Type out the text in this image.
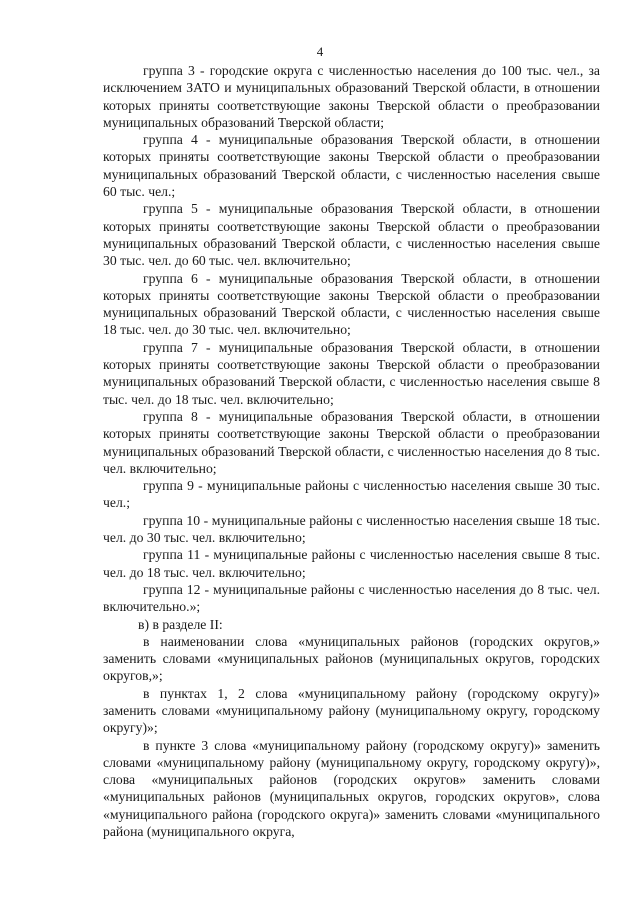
4

группа 3 - городские округа с численностью населения до 100 тыс. чел., за исключением ЗАТО и муниципальных образований Тверской области, в отношении которых приняты соответствующие законы Тверской области о преобразовании муниципальных образований Тверской области;

группа 4 - муниципальные образования Тверской области, в отношении которых приняты соответствующие законы Тверской области о преобразовании муниципальных образований Тверской области, с численностью населения свыше 60 тыс. чел.;

группа 5 - муниципальные образования Тверской области, в отношении которых приняты соответствующие законы Тверской области о преобразовании муниципальных образований Тверской области, с численностью населения свыше 30 тыс. чел. до 60 тыс. чел. включительно;

группа 6 - муниципальные образования Тверской области, в отношении которых приняты соответствующие законы Тверской области о преобразовании муниципальных образований Тверской области, с численностью населения свыше 18 тыс. чел. до 30 тыс. чел. включительно;

группа 7 - муниципальные образования Тверской области, в отношении которых приняты соответствующие законы Тверской области о преобразовании муниципальных образований Тверской области, с численностью населения свыше 8 тыс. чел. до 18 тыс. чел. включительно;

группа 8 - муниципальные образования Тверской области, в отношении которых приняты соответствующие законы Тверской области о преобразовании муниципальных образований Тверской области, с численностью населения до 8 тыс. чел. включительно;

группа 9 - муниципальные районы с численностью населения свыше 30 тыс. чел.;

группа 10 - муниципальные районы с численностью населения свыше 18 тыс. чел. до 30 тыс. чел. включительно;

группа 11 - муниципальные районы с численностью населения свыше 8 тыс. чел. до 18 тыс. чел. включительно;

группа 12 - муниципальные районы с численностью населения до 8 тыс. чел. включительно.»;

в) в разделе II:

в наименовании слова «муниципальных районов (городских округов,» заменить словами «муниципальных районов (муниципальных округов, городских округов,»;

в пунктах 1, 2 слова «муниципальному району (городскому округу)» заменить словами «муниципальному району (муниципальному округу, городскому округу)»;

в пункте 3 слова «муниципальному району (городскому округу)» заменить словами «муниципальному району (муниципальному округу, городскому округу)», слова «муниципальных районов (городских округов» заменить словами «муниципальных районов (муниципальных округов, городских округов», слова «муниципального района (городского округа)» заменить словами «муниципального района (муниципального округа,
